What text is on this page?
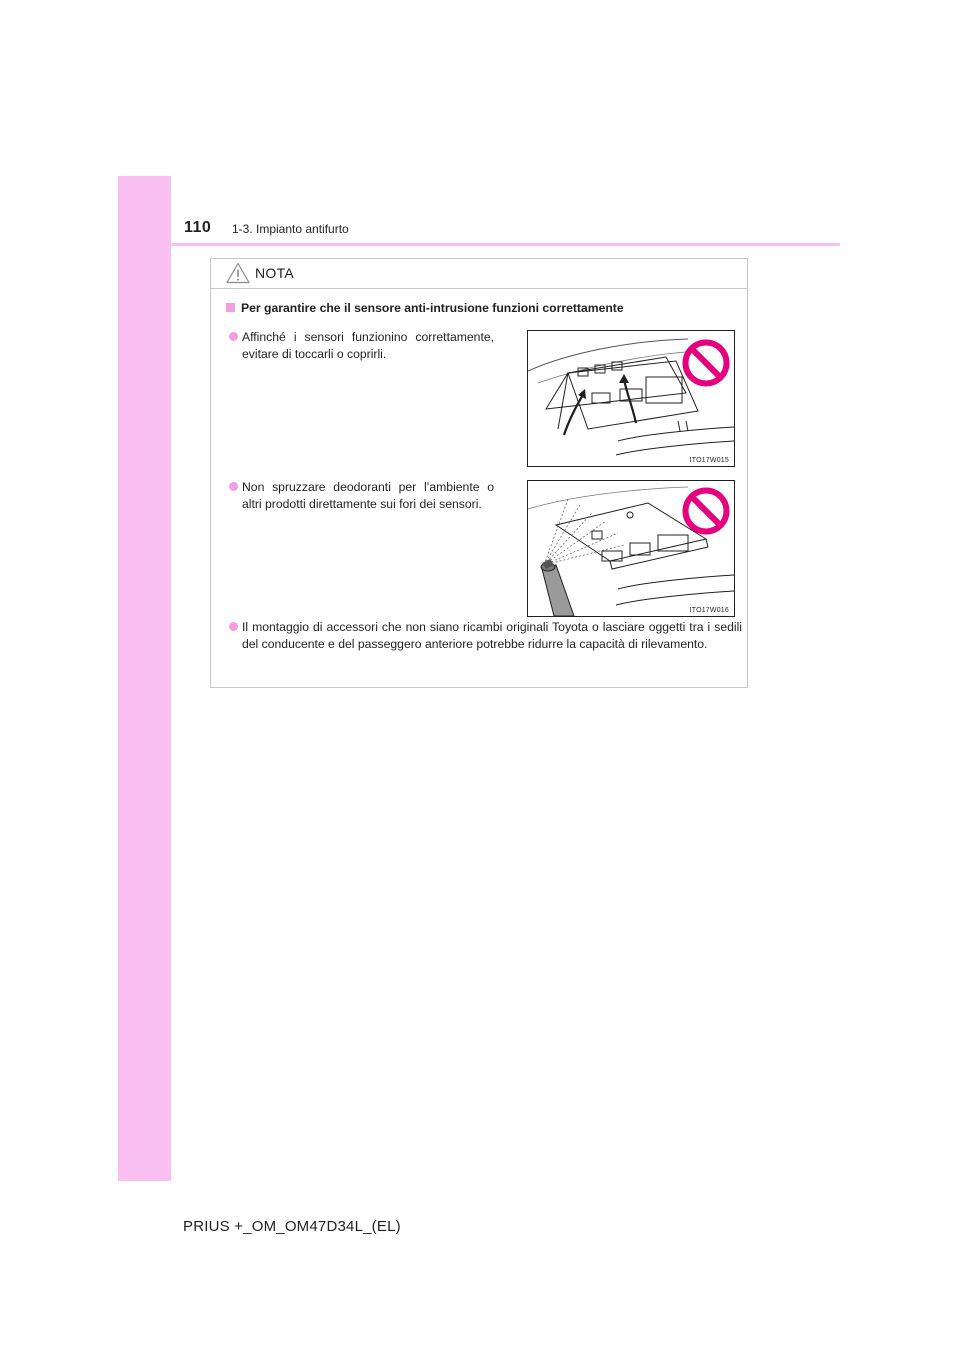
110 1-3. Impianto antifurto
NOTA
Per garantire che il sensore anti-intrusione funzioni correttamente
Affinché i sensori funzionino correttamente, evitare di toccarli o coprirli.
ITO17W015
Non spruzzare deodoranti per l’ambiente o altri prodotti direttamente sui fori dei sensori.
ITO17W016
Il montaggio di accessori che non siano ricambi originali Toyota o lasciare oggetti tra i sedili del conducente e del passeggero anteriore potrebbe ridurre la capacità di rilevamento.
PRIUS +_OM_OM47D34L_(EL)
